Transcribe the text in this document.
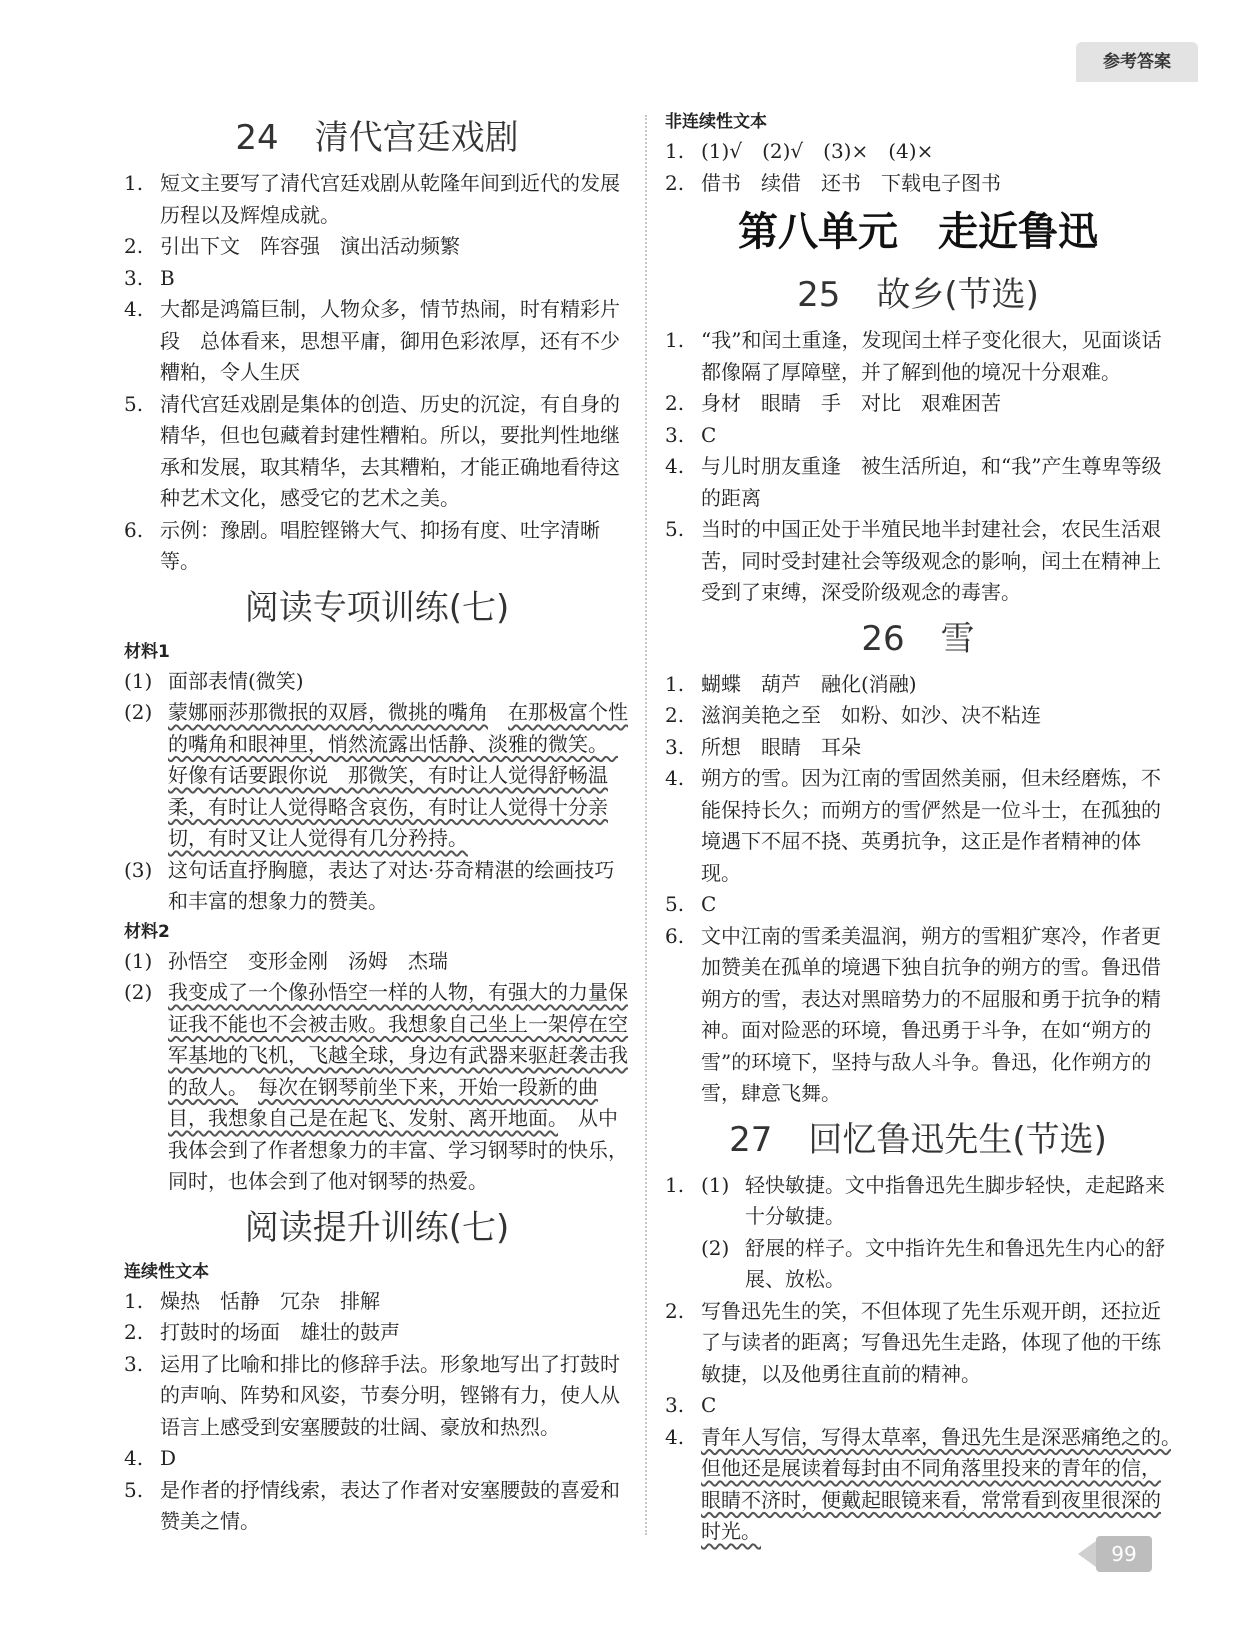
参考答案
24 清代宫廷戏剧
1. 短文主要写了清代宫廷戏剧从乾隆年间到近代的发展历程以及辉煌成就。
2. 引出下文　阵容强　演出活动频繁
3. B
4. 大都是鸿篇巨制，人物众多，情节热闹，时有精彩片段　总体看来，思想平庸，御用色彩浓厚，还有不少糟粕，令人生厌
5. 清代宫廷戏剧是集体的创造、历史的沉淀，有自身的精华，但也包藏着封建性糟粕。所以，要批判性地继承和发展，取其精华，去其糟粕，才能正确地看待这种艺术文化，感受它的艺术之美。
6. 示例：豫剧。唱腔铿锵大气、抑扬有度、吐字清晰等。
阅读专项训练(七)
材料1
(1) 面部表情(微笑)
(2) 蒙娜丽莎那微抿的双唇，微挑的嘴角　 在那极富个性的嘴角和眼神里，悄然流露出恬静、淡雅的微笑。　好像有话要跟你说　那微笑，有时让人觉得舒畅温柔，有时让人觉得略含哀伤，有时让人觉得十分亲切，有时又让人觉得有几分矜持。
(3) 这句话直抒胸臆，表达了对达·芬奇精湛的绘画技巧和丰富的想象力的赞美。
材料2
(1) 孙悟空　变形金刚　汤姆　杰瑞
(2) 我变成了一个像孙悟空一样的人物，有强大的力量保证我不能也不会被击败。我想象自己坐上一架停在空军基地的飞机，飞越全球，身边有武器来驱赶袭击我的敌人。　 每次在钢琴前坐下来，开始一段新的曲目，我想象自己是在起飞、发射、离开地面。　从中我体会到了作者想象力的丰富、学习钢琴时的快乐，同时，也体会到了他对钢琴的热爱。
阅读提升训练(七)
连续性文本
1. 燥热　恬静　冗杂　排解
2. 打鼓时的场面　雄壮的鼓声
3. 运用了比喻和排比的修辞手法。形象地写出了打鼓时的声响、阵势和风姿，节奏分明，铿锵有力，使人从语言上感受到安塞腰鼓的壮阔、豪放和热烈。
4. D
5. 是作者的抒情线索，表达了作者对安塞腰鼓的喜爱和赞美之情。
非连续性文本
1. (1)√　(2)√　(3)×　(4)×
2. 借书　续借　还书　下载电子图书
第八单元　走近鲁迅
25 故乡(节选)
1. “我”和闰土重逢，发现闰土样子变化很大，见面谈话都像隔了厚障壁，并了解到他的境况十分艰难。
2. 身材　眼睛　手　对比　艰难困苦
3. C
4. 与儿时朋友重逢　被生活所迫，和“我”产生尊卑等级的距离
5. 当时的中国正处于半殖民地半封建社会，农民生活艰苦，同时受封建社会等级观念的影响，闰土在精神上受到了束缚，深受阶级观念的毒害。
26 雪
1. 蝴蝶　葫芦　融化(消融)
2. 滋润美艳之至　如粉、如沙、决不粘连
3. 所想　眼睛　耳朵
4. 朔方的雪。因为江南的雪固然美丽，但未经磨炼，不能保持长久；而朔方的雪俨然是一位斗士，在孤独的境遇下不屈不挠、英勇抗争，这正是作者精神的体现。
5. C
6. 文中江南的雪柔美温润，朔方的雪粗犷寒冷，作者更加赞美在孤单的境遇下独自抗争的朔方的雪。鲁迅借朔方的雪，表达对黑暗势力的不屈服和勇于抗争的精神。面对险恶的环境，鲁迅勇于斗争，在如“朔方的雪”的环境下，坚持与敌人斗争。鲁迅，化作朔方的雪，肆意飞舞。
27 回忆鲁迅先生(节选)
1. (1) 轻快敏捷。文中指鲁迅先生脚步轻快，走起路来十分敏捷。
(2) 舒展的样子。文中指许先生和鲁迅先生内心的舒展、放松。
2. 写鲁迅先生的笑，不但体现了先生乐观开朗，还拉近了与读者的距离；写鲁迅先生走路，体现了他的干练敏捷，以及他勇往直前的精神。
3. C
4. 青年人写信，写得太草率，鲁迅先生是深恶痛绝之的。　但他还是展读着每封由不同角落里投来的青年的信，眼睛不济时，便戴起眼镜来看，常常看到夜里很深的时光。
99
